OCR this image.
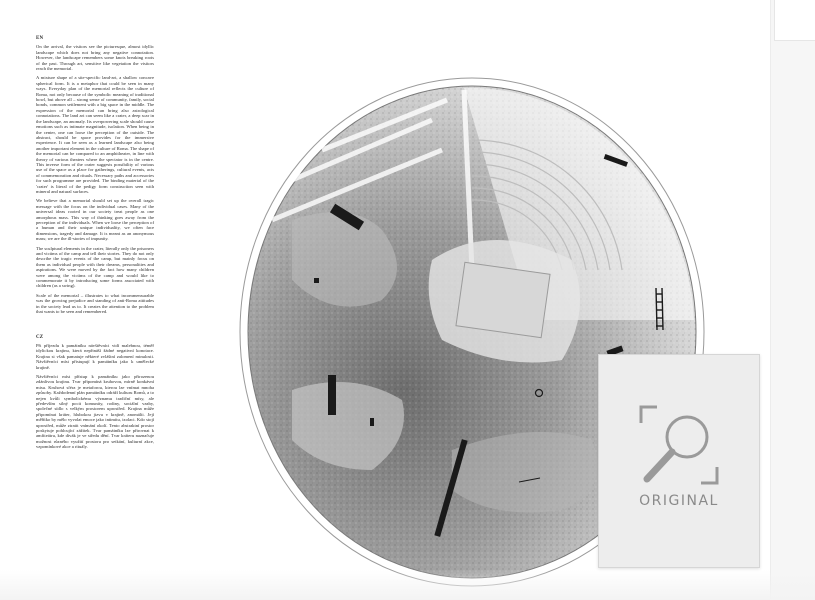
EN

On the arrival, the visitors see the picturesque, almost idyllic landscape which does not bring any negative connotation. However, the landscape remembers some knots breaking roots of the past. Through art, sensitive like vegetation the visitors reach the memorial.

A mixture shape of a site-specific land-art, a shallow concave spherical form. It is a metaphor that could be seen in many ways. Everyday plan of the memorial reflects the culture of Roma, not only because of the symbolic meaning of traditional bowl, but above all – strong sense of community, family, social bonds, common settlement with a big space in the middle. The expression of the memorial can bring also astrological connotations. The land art can seem like a crater, a deep scar in the landscape, an anomaly. Its overpowering scale should cause emotions such as intimate magnitude, isolation. When being in the center, one can loose the perception of the outside. The abstract, should be space provides for the immersive experience. It can be seen as a learned landscape also being another important element in the culture of Roma. The shape of the memorial can be compared to an amphitheater, in line with theory of various theaters where the spectator is in the centre. This inverse form of the crater suggests possibility of various use of the space as a place for gatherings, cultural events, acts of commemoration and rituals. Necessary paths and accessories for such programme are provided. The binding material of the 'crater' is literal of the pedigy form construction seen with mineral and natural surfaces.

We believe that a memorial should set up the overall tragic message with the focus on the individual cases. Many of the universal ideas rooted in our society treat people as one amorphous mass. This way of thinking goes away from the perception of the individuals. When we loose the perception of a human and their unique individuality, we often face dimensions, tragedy and damage. It is meant as an anonymous mass; we are the ill-stories of impunity.

The sculptural elements in the crater, literally only the prisoners and victims of the camp and tell their stories. They do not only describe the tragic events of the camp, but mainly focus on them as individual people with their dreams, personalities and aspirations. We were moved by the fact how many children were among the victims of the camp and would like to commemorate it by introducing some forms associated with children (as a swing).

Scale of the memorial – illustrates to what incommensurable was the growing prejudice and standing of anti-Roma attitudes in the society lead us to. It creates the attention to the problem that wants to be seen and remembered.

CZ

Při příjezdu k památníku návštěvníci vidí malebnou, téměř idylickou krajinu, která nepřináší žádné negativní konotace. Krajina si však pamatuje některé zvláštní zalomení minulosti. Návštěvníci míst přistupují k památníku jako k umělecké krajině.

Návštěvníci míst přístup k památníku jako přirozenou zdánlivou krajinu. Tvar připomíná kruhovou, mírně konkávní misu. Kruhová sféra je metaforou, kterou lze vnímat mnoha způsoby. Každodenní plán památníku odráží kulturu Romů, a to nejen kvůli symbolickému významu tradiční mísy, ale především silný pocit komunity, rodiny, sociální vazby, společné sídlo s velkým prostorem uprostřed. Krajina může připomínat kráter, hlubokou jizvu v krajině, anomálii. Její měřítko by mělo vyvolat emoce jako intimitu, izolaci. Kdo stojí uprostřed, může ztratit vnímání okolí. Tento abstraktní prostor poskytuje pohlcující zážitek. Tvar památníku lze přirovnat k amfiteátru, kde divák je ve středu dění. Tvar kráteru naznačuje možnost různého využití prostoru pro setkání, kulturní akce, vzpomínkové akce a rituály.

ORIGINAL
